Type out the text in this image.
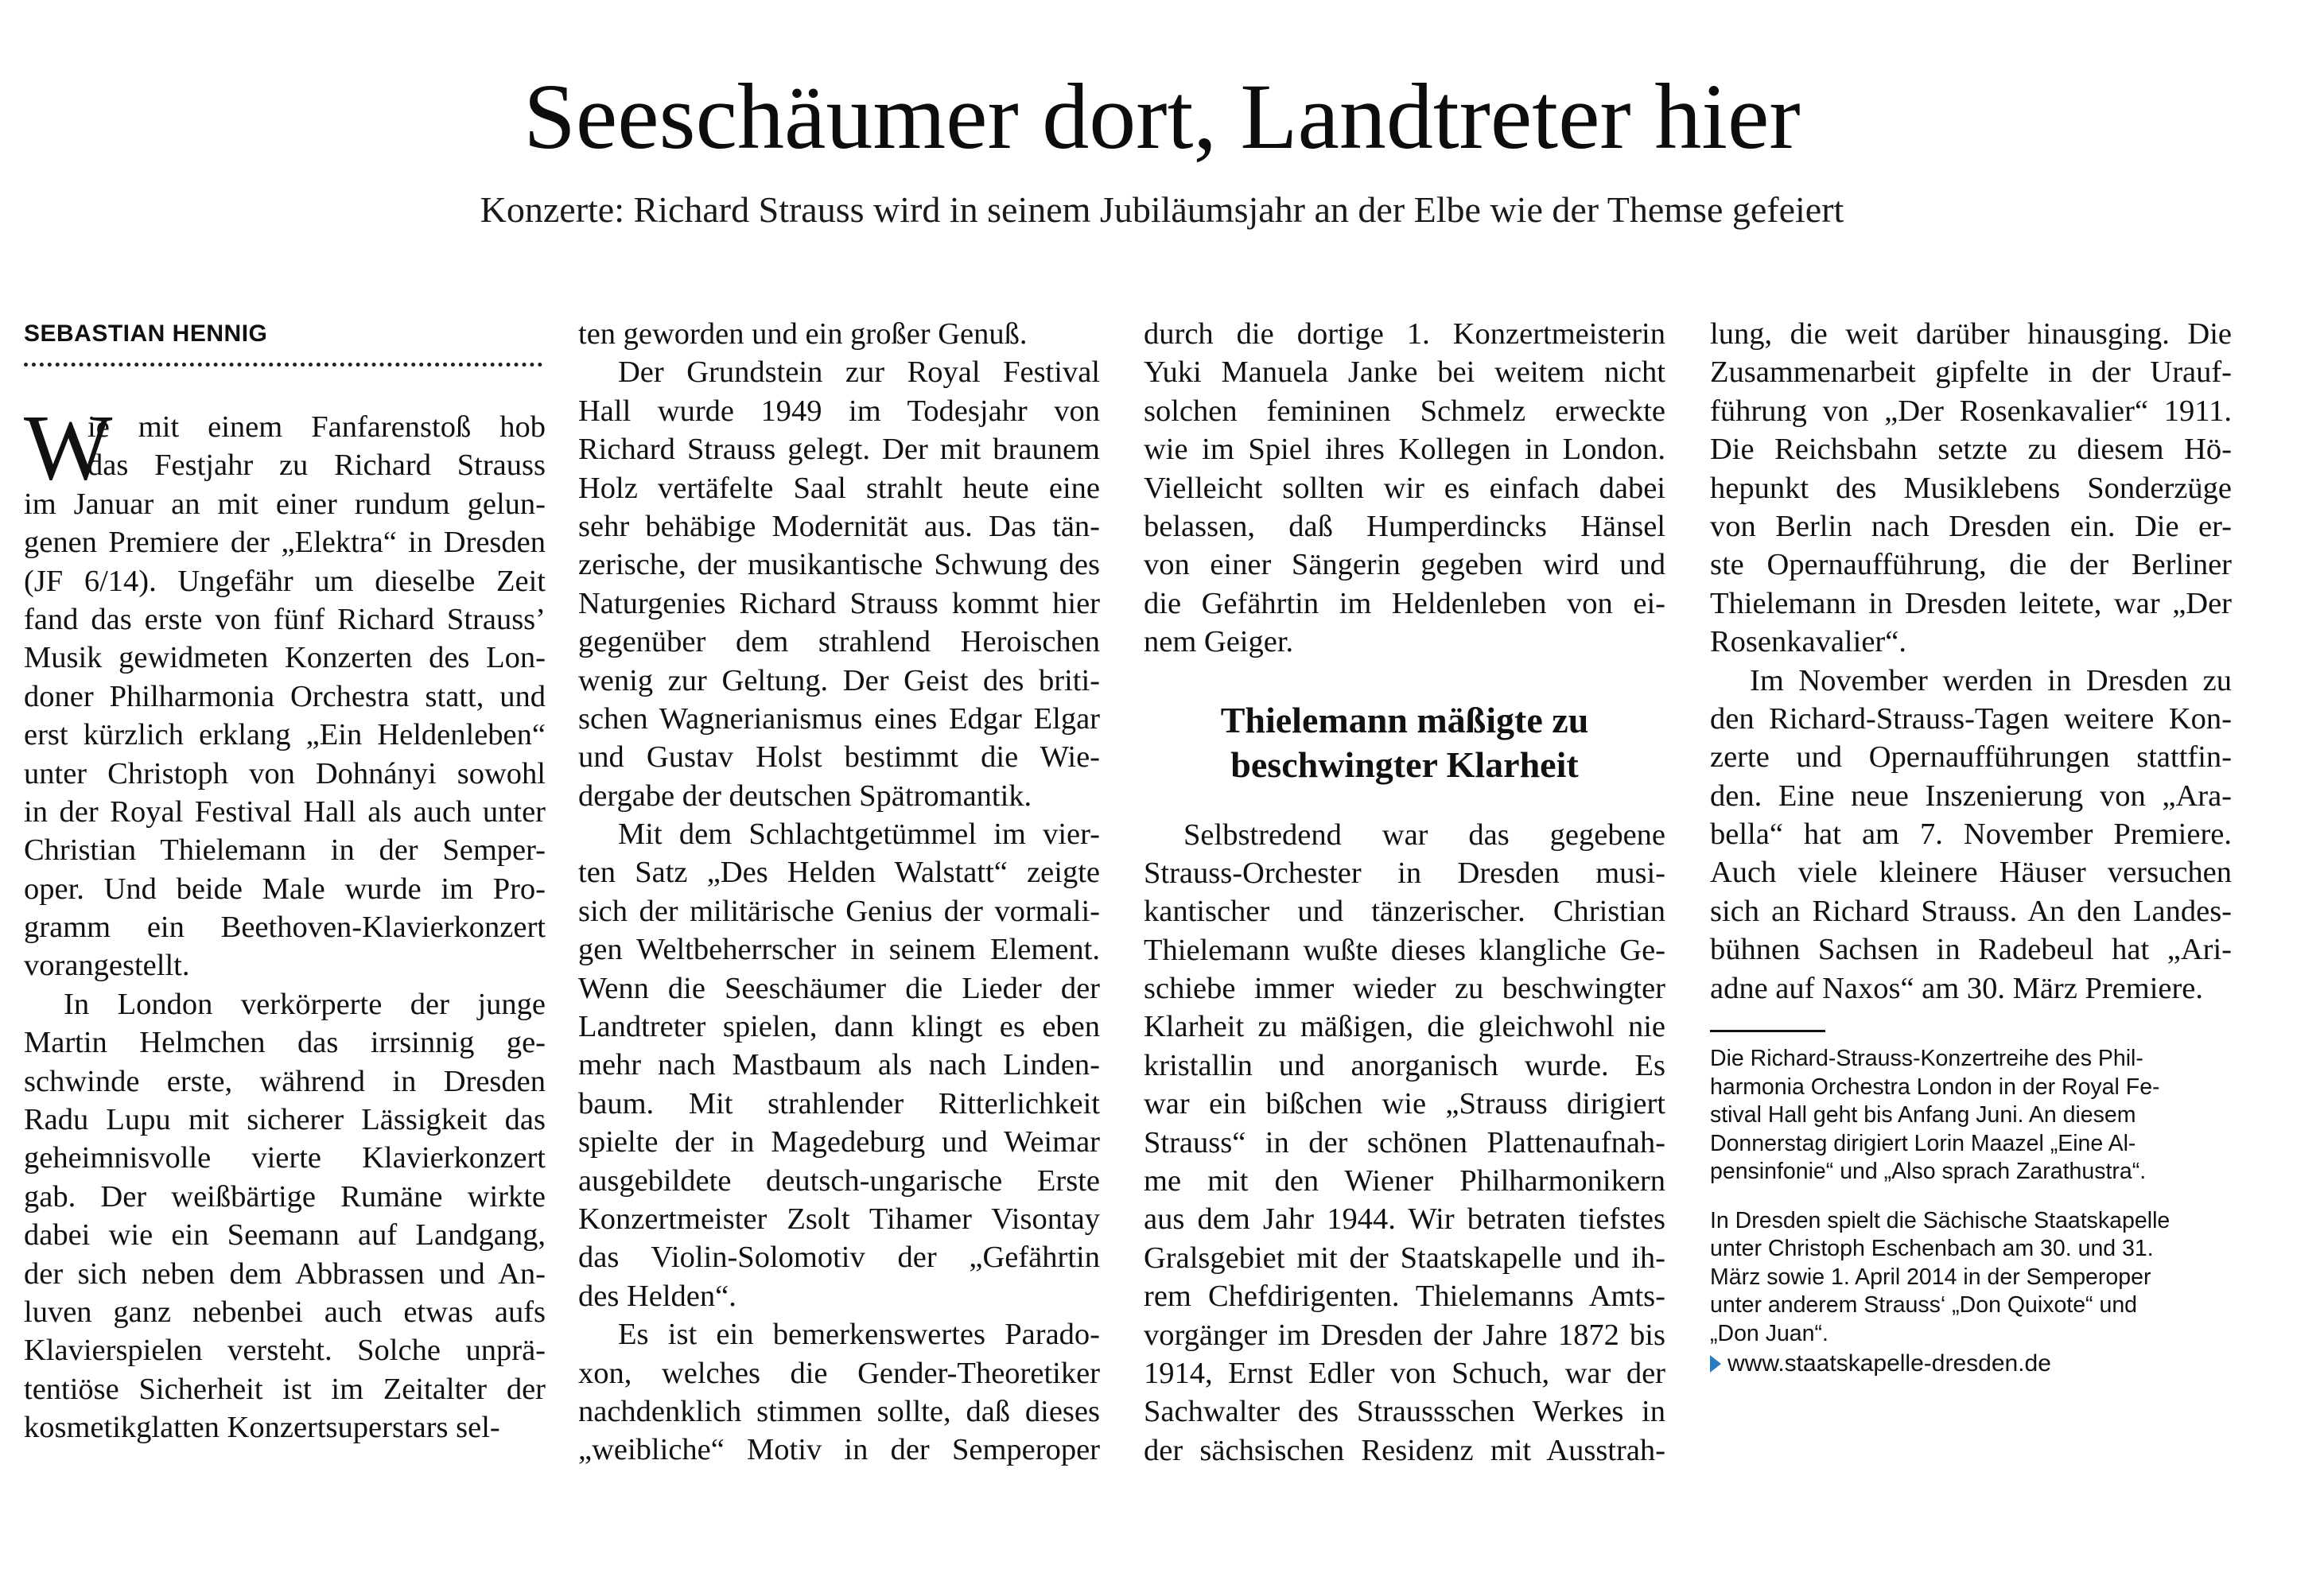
Seeschäumer dort, Landtreter hier
Konzerte: Richard Strauss wird in seinem Jubiläumsjahr an der Elbe wie der Themse gefeiert
SEBASTIAN HENNIG
W
ie mit einem Fanfarenstoß hob
das Festjahr zu Richard Strauss
im Januar an mit einer rundum gelun-
genen Premiere der „Elektra“ in Dresden
(JF 6/14). Ungefähr um dieselbe Zeit
fand das erste von fünf Richard Strauss’
Musik gewidmeten Konzerten des Lon-
doner Philharmonia Orchestra statt, und
erst kürzlich erklang „Ein Heldenleben“
unter Christoph von Dohnányi sowohl
in der Royal Festival Hall als auch unter
Christian Thielemann in der Semper-
oper. Und beide Male wurde im Pro-
gramm ein Beethoven-Klavierkonzert
vorangestellt.
In London verkörperte der junge
Martin Helmchen das irrsinnig ge-
schwinde erste, während in Dresden
Radu Lupu mit sicherer Lässigkeit das
geheimnisvolle vierte Klavierkonzert
gab. Der weißbärtige Rumäne wirkte
dabei wie ein Seemann auf Landgang,
der sich neben dem Abbrassen und An-
luven ganz nebenbei auch etwas aufs
Klavierspielen versteht. Solche unprä-
tentiöse Sicherheit ist im Zeitalter der
kosmetikglatten Konzertsuperstars sel-
ten geworden und ein großer Genuß.
Der Grundstein zur Royal Festival
Hall wurde 1949 im Todesjahr von
Richard Strauss gelegt. Der mit braunem
Holz vertäfelte Saal strahlt heute eine
sehr behäbige Modernität aus. Das tän-
zerische, der musikantische Schwung des
Naturgenies Richard Strauss kommt hier
gegenüber dem strahlend Heroischen
wenig zur Geltung. Der Geist des briti-
schen Wagnerianismus eines Edgar Elgar
und Gustav Holst bestimmt die Wie-
dergabe der deutschen Spätromantik.
Mit dem Schlachtgetümmel im vier-
ten Satz „Des Helden Walstatt“ zeigte
sich der militärische Genius der vormali-
gen Weltbeherrscher in seinem Element.
Wenn die Seeschäumer die Lieder der
Landtreter spielen, dann klingt es eben
mehr nach Mastbaum als nach Linden-
baum. Mit strahlender Ritterlichkeit
spielte der in Magedeburg und Weimar
ausgebildete deutsch-ungarische Erste
Konzertmeister Zsolt Tihamer Visontay
das Violin-Solomotiv der „Gefährtin
des Helden“.
Es ist ein bemerkenswertes Parado-
xon, welches die Gender-Theoretiker
nachdenklich stimmen sollte, daß dieses
„weibliche“ Motiv in der Semperoper
durch die dortige 1. Konzertmeisterin
Yuki Manuela Janke bei weitem nicht
solchen femininen Schmelz erweckte
wie im Spiel ihres Kollegen in London.
Vielleicht sollten wir es einfach dabei
belassen, daß Humperdincks Hänsel
von einer Sängerin gegeben wird und
die Gefährtin im Heldenleben von ei-
nem Geiger.
Thielemann mäßigte zu
beschwingter Klarheit
Selbstredend war das gegebene
Strauss-Orchester in Dresden musi-
kantischer und tänzerischer. Christian
Thielemann wußte dieses klangliche Ge-
schiebe immer wieder zu beschwingter
Klarheit zu mäßigen, die gleichwohl nie
kristallin und anorganisch wurde. Es
war ein bißchen wie „Strauss dirigiert
Strauss“ in der schönen Plattenaufnah-
me mit den Wiener Philharmonikern
aus dem Jahr 1944. Wir betraten tiefstes
Gralsgebiet mit der Staatskapelle und ih-
rem Chefdirigenten. Thielemanns Amts-
vorgänger im Dresden der Jahre 1872 bis
1914, Ernst Edler von Schuch, war der
Sachwalter des Straussschen Werkes in
der sächsischen Residenz mit Ausstrah-
lung, die weit darüber hinausging. Die
Zusammenarbeit gipfelte in der Urauf-
führung von „Der Rosenkavalier“ 1911.
Die Reichsbahn setzte zu diesem Hö-
hepunkt des Musiklebens Sonderzüge
von Berlin nach Dresden ein. Die er-
ste Opernaufführung, die der Berliner
Thielemann in Dresden leitete, war „Der
Rosenkavalier“.
Im November werden in Dresden zu
den Richard-Strauss-Tagen weitere Kon-
zerte und Opernaufführungen stattfin-
den. Eine neue Inszenierung von „Ara-
bella“ hat am 7. November Premiere.
Auch viele kleinere Häuser versuchen
sich an Richard Strauss. An den Landes-
bühnen Sachsen in Radebeul hat „Ari-
adne auf Naxos“ am 30. März Premiere.
Die Richard-Strauss-Konzertreihe des Phil-
harmonia Orchestra London in der Royal Fe-
stival Hall geht bis Anfang Juni. An diesem
Donnerstag dirigiert Lorin Maazel „Eine Al-
pensinfonie“ und „Also sprach Zarathustra“.
In Dresden spielt die Sächische Staatskapelle
unter Christoph Eschenbach am 30. und 31.
März sowie 1. April 2014 in der Semperoper
unter anderem Strauss‘ „Don Quixote“ und
„Don Juan“.
www.staatskapelle-dresden.de
